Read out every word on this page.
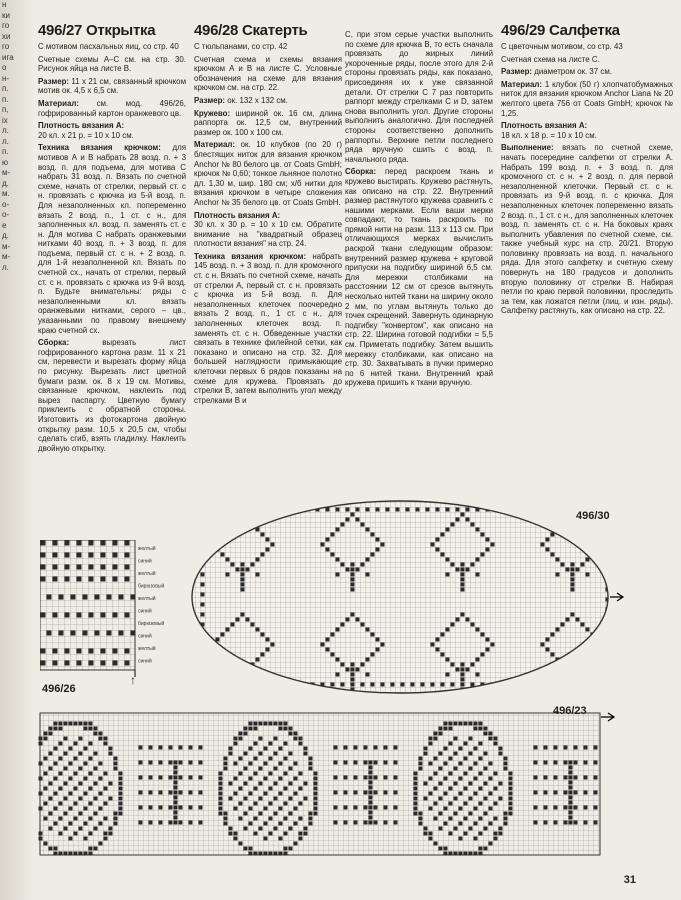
н
ки
го
хи
го
ига
о
н-
п.
п.
п,
іх
л.
л.
п.
ю
м-
д.
м.
о-
о-
е
д.
м-
м-
л.
496/27 Открытка

С мотивом пасхальных яиц, со стр. 40

Счетные схемы А–С см. на стр. 30. Рисунок яйца на листе В.

Размер: 11 х 21 см, связанный крючком мотив ок. 4,5 х 6,5 см.

Материал: см. мод. 496/26, гофрированный картон оранжевого цв.

Плотность вязания А:
20 кл. х 21 р. = 10 х 10 см.

Техника вязания крючком: для мотивов А и В набрать 28 возд. п. + 3 возд. п. для подъема, для мотива С набрать 31 возд. п. Вязать по счетной схеме, начать от стрелки, первый ст. с н. провязать с крючка из 5-й возд. п. Для незаполненных кл. попеременно вязать 2 возд. п., 1 ст. с н., для заполненных кл. возд. п. заменять ст. с н. Для мотива С набрать оранжевыми нитками 40 возд. п. + 3 возд. п. для подъема, первый ст. с н. + 2 возд. п. для 1-й незаполненной кл. Вязать по счетной сх., начать от стрелки, первый ст. с н. провязать с крючка из 9-й возд. п. Будьте внимательны: ряды с незаполненными кл. вязать оранжевыми нитками, серого – цв., указанными по правому внешнему краю счетной сх.

Сборка: вырезать лист гофрированного картона разм. 11 х 21 см, перевести и вырезать форму яйца по рисунку. Вырезать лист цветной бумаги разм. ок. 8 х 19 см. Мотивы, связанные крючком, наклеить под вырез паспарту. Цветную бумагу приклеить с обратной стороны. Изготовить из фотокартона двойную открытку разм. 10,5 х 20,5 см, чтобы сделать сгиб, взять гладилку. Наклеить двойную открытку.

496/28 Скатерть

С тюльпанами, со стр. 42

Счетная схема и схемы вязания крючком А и В на листе С. Условные обозначения на схеме для вязания крючком см. на стр. 22.

Размер: ок. 132 х 132 см.

Кружево: шириной ок. 16 см, длина раппорта ок. 12,5 см, внутренний размер ок. 100 х 100 см.

Материал: ок. 10 клубков (по 20 г) блестящих ниток для вязания крючком Anchor № 80 белого цв. от Coats GmbH; крючок № 0,60; тонкое льняное полотно дл. 1,30 м, шир. 180 см; х/б нитки для вязания крючком в четыре сложения Anchor № 35 белого цв. от Coats GmbH.

Плотность вязания А:
30 кл. х 30 р. = 10 х 10 см. Обратите внимание на "квадратный образец плотности вязания" на стр. 24.

Техника вязания крючком: набрать 145 возд. п. + 3 возд. п. для кромочного ст. с н. Вязать по счетной схеме, начать от стрелки А, первый ст. с н. провязать с крючка из 5-й возд. п. Для незаполненных клеточек поочередно вязать 2 возд. п., 1 ст. с н., для заполненных клеточек возд. п. заменять ст. с н. Обведенные участки связать в технике филейной сетки, как показано и описано на стр. 32. Для большей наглядности примыкающие клеточки первых 6 рядов показаны на схеме для кружева. Провязать до стрелки В, затем выполнить угол между стрелками В и

С, при этом серые участки выполнить по схеме для крючка В, то есть сначала провязать до жирных линий укороченные ряды, после этого для 2-й стороны провязать ряды, как показано, присоединяя их к уже связанной детали. От стрелки С 7 раз повторить раппорт между стрелками С и D, затем снова выполнить угол. Другие стороны выполнить аналогично. Для последней стороны соответственно дополнить раппорты. Верхние петли последнего ряда вручную сшить с возд. п. начального ряда.

Сборка: перед раскроем ткань и кружево выстирать. Кружево растянуть, как описано на стр. 22. Внутренний размер растянутого кружева сравнить с нашими мерками. Если ваши мерки совпадают, то ткань раскроить по прямой нити на разм. 113 х 113 см. При отличающихся мерках вычислить раскрой ткани следующим образом: внутренний размер кружева + круговой припуски на подгибку шириной 6,5 см. Для мережки столбиками на расстоянии 12 см от срезов вытянуть несколько нитей ткани на ширину около 2 мм, по углам вытянуть только до точек скрещений. Завернуть одинарную подгибку "конвертом", как описано на стр. 22. Ширина готовой подгибки = 5,5 см. Приметать подгибку. Затем вышить мережку столбиками, как описано на стр. 30. Захватывать в пучки примерно по 6 нитей ткани. Внутренний край кружева пришить к ткани вручную.

496/29 Салфетка

С цветочным мотивом, со стр. 43

Счетная схема на листе С.

Размер: диаметром ок. 37 см.

Материал: 1 клубок (50 г) хлопчатобумажных ниток для вязания крючком Anchor Liana № 20 желтого цвета 756 от Coats GmbH; крючок № 1,25.

Плотность вязания А:
18 кл. х 18 р. = 10 х 10 см.

Выполнение: вязать по счетной схеме, начать посередине салфетки от стрелки А. Набрать 199 возд. п. + 3 возд. п. для кромочного ст. с н. + 2 возд. п. для первой незаполненной клеточки. Первый ст. с н. провязать из 9-й возд. п. с крючка. Для незаполненных клеточек попеременно вязать 2 возд. п., 1 ст. с н., для заполненных клеточек возд. п. заменять ст. с н. На боковых краях выполнить убавления по счетной схеме, см. также учебный курс на стр. 20/21. Вторую половинку провязать на возд. п. начального ряда. Для этого салфетку и счетную схему повернуть на 180 градусов и дополнить вторую половинку от стрелки В. Набирая петли по краю первой половинки, проследить за тем, как ложатся петли (лиц. и изн. ряды). Салфетку растянуть, как описано на стр. 22.

желтый
синий
желтый
бирюзовый
желтый
синий
бирюзовый
синий
желтый
синий
496/26
↑
496/30
496/23
31
